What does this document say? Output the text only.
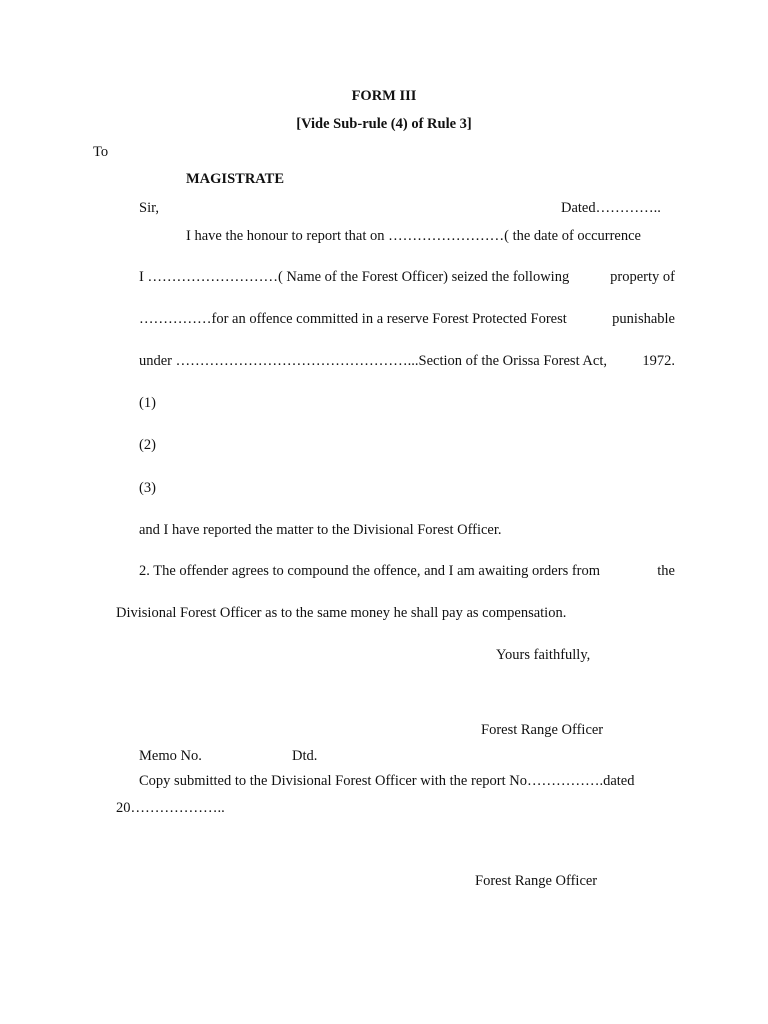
FORM III
[Vide Sub-rule (4) of Rule 3]
To
MAGISTRATE
Sir,	Dated…………..
I have the honour to report that on ……………………( the date of occurrence
I ………………………( Name of the Forest Officer) seized the following	property of
……………for an offence committed in a reserve Forest Protected Forest	punishable
under …………………………………………...Section of the Orissa Forest Act, 1972.
(1)
(2)
(3)
and I have reported the matter to the Divisional Forest Officer.
2. The offender agrees to compound the offence, and I am awaiting orders from	the
Divisional Forest Officer as to the same money he shall pay as compensation.
Yours faithfully,
Forest Range Officer
Memo No.	Dtd.
Copy submitted to the Divisional Forest Officer with the report No…………….dated
20………………..
Forest Range Officer
